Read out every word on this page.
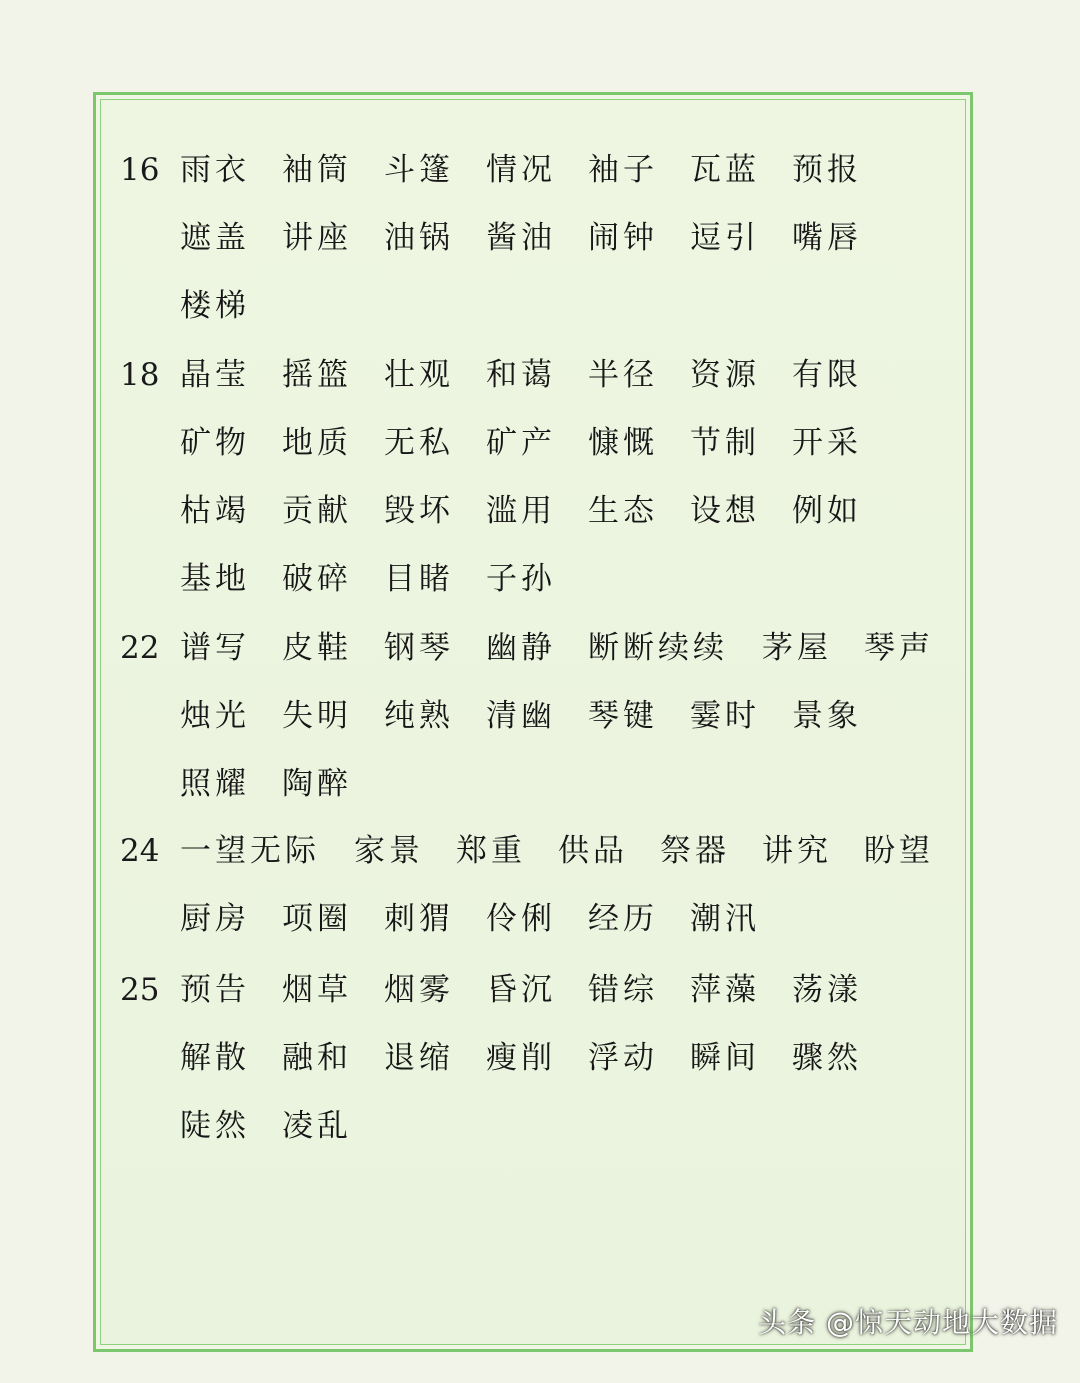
16 雨衣 袖筒 斗篷 情况 袖子 瓦蓝 预报
遮盖 讲座 油锅 酱油 闹钟 逗引 嘴唇
楼梯
18 晶莹 摇篮 壮观 和蔼 半径 资源 有限
矿物 地质 无私 矿产 慷慨 节制 开采
枯竭 贡献 毁坏 滥用 生态 设想 例如
基地 破碎 目睹 子孙
22 谱写 皮鞋 钢琴 幽静 断断续续 茅屋 琴声
烛光 失明 纯熟 清幽 琴键 霎时 景象
照耀 陶醉
24 一望无际 家景 郑重 供品 祭器 讲究 盼望
厨房 项圈 刺猬 伶俐 经历 潮汛
25 预告 烟草 烟雾 昏沉 错综 萍藻 荡漾
解散 融和 退缩 瘦削 浮动 瞬间 骤然
陡然 凌乱
头条 @惊天动地大数据
